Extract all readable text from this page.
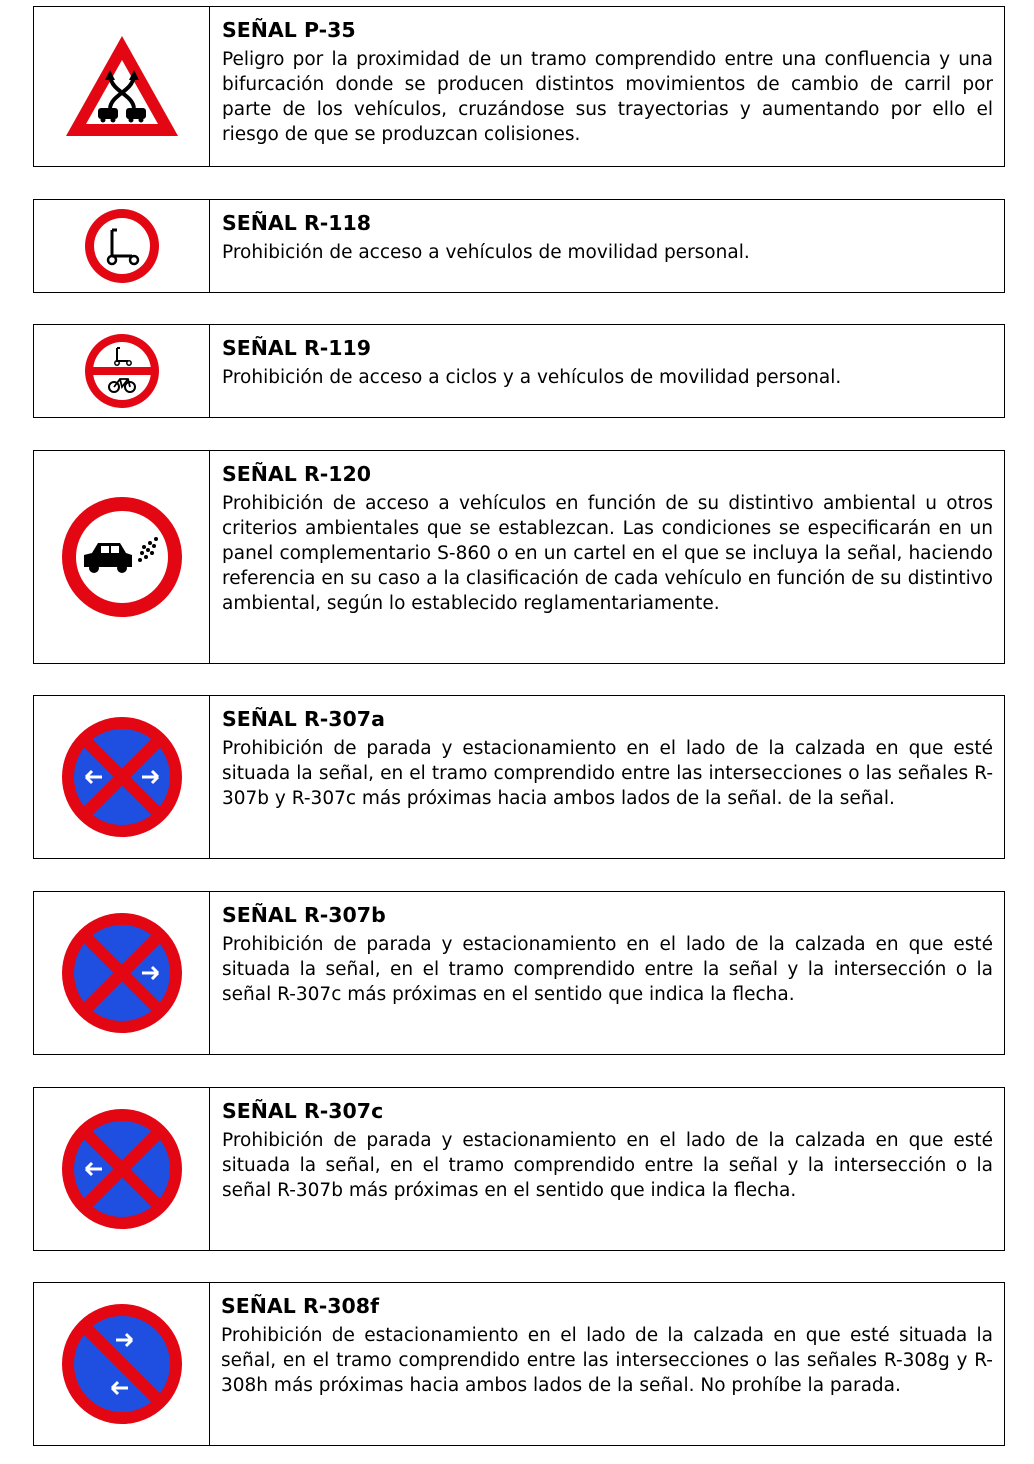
SEÑAL P-35

Peligro por la proximidad de un tramo comprendido entre una confluencia y una bifurcación donde se producen distintos movimientos de cambio de carril por parte de los vehículos, cruzándose sus trayectorias y aumentando por ello el riesgo de que se produzcan colisiones.

SEÑAL R-118

Prohibición de acceso a vehículos de movilidad personal.

SEÑAL R-119

Prohibición de acceso a ciclos y a vehículos de movilidad personal.

SEÑAL R-120

Prohibición de acceso a vehículos en función de su distintivo ambiental u otros criterios ambientales que se establezcan. Las condiciones se especificarán en un panel complementario S-860 o en un cartel en el que se incluya la señal, haciendo referencia en su caso a la clasificación de cada vehículo en función de su distintivo ambiental, según lo establecido reglamentariamente.

SEÑAL R-307a

Prohibición de parada y estacionamiento en el lado de la calzada en que esté situada la señal, en el tramo comprendido entre las intersecciones o las señales R-307b y R-307c más próximas hacia ambos lados de la señal. de la señal.

SEÑAL R-307b

Prohibición de parada y estacionamiento en el lado de la calzada en que esté situada la señal, en el tramo comprendido entre la señal y la intersección o la señal R-307c más próximas en el sentido que indica la flecha.

SEÑAL R-307c

Prohibición de parada y estacionamiento en el lado de la calzada en que esté situada la señal, en el tramo comprendido entre la señal y la intersección o la señal R-307b más próximas en el sentido que indica la flecha.

SEÑAL R-308f

Prohibición de estacionamiento en el lado de la calzada en que esté situada la señal, en el tramo comprendido entre las intersecciones o las señales R-308g y R-308h más próximas hacia ambos lados de la señal. No prohíbe la parada.
